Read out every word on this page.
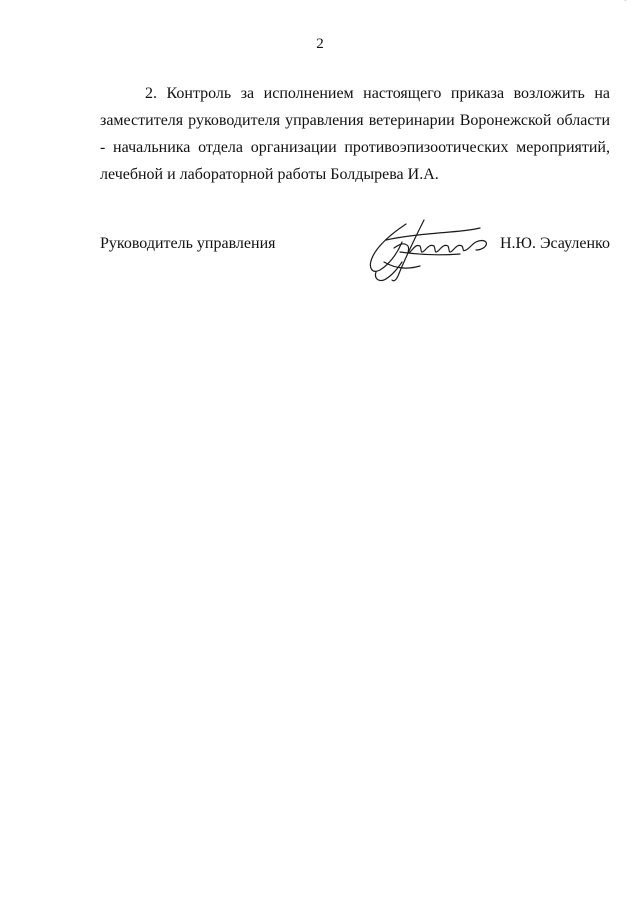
2

2. Контроль за исполнением настоящего приказа возложить на заместителя руководителя управления ветеринарии Воронежской области - начальника отдела организации противоэпизоотических мероприятий, лечебной и лабораторной работы Болдырева И.А.

Руководитель управления	Н.Ю. Эсауленко
